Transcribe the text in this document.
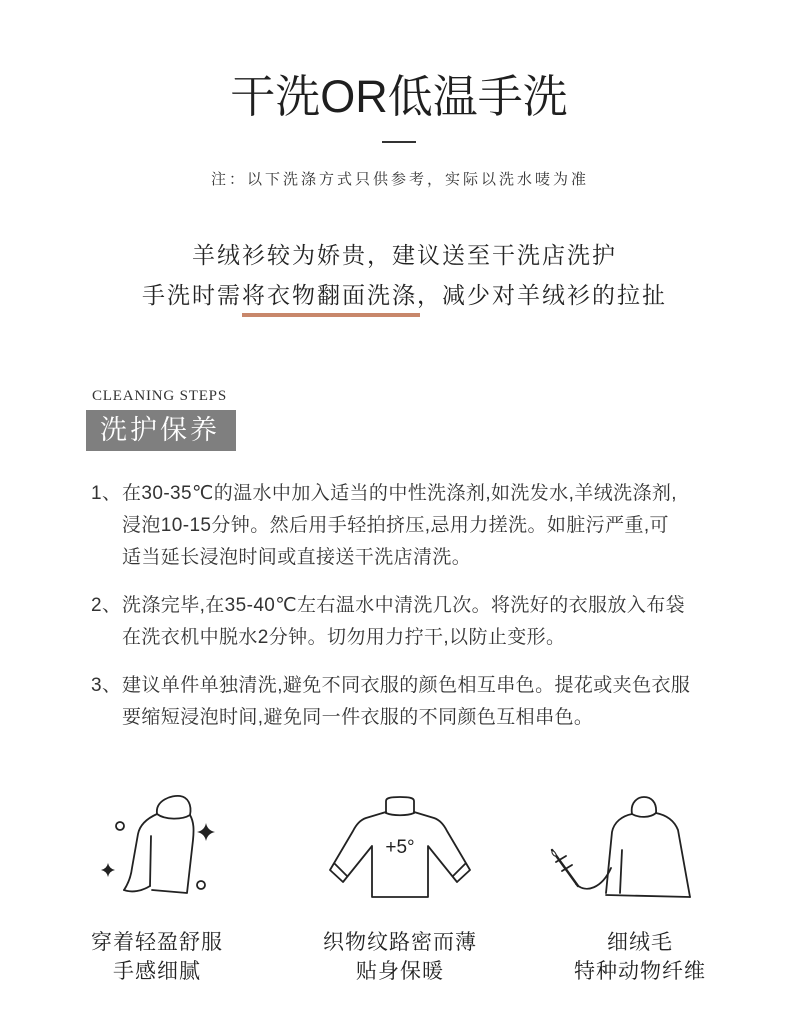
干洗OR低温手洗
注：以下洗涤方式只供参考，实际以洗水唛为准
羊绒衫较为娇贵，建议送至干洗店洗护
手洗时需将衣物翻面洗涤，减少对羊绒衫的拉扯
CLEANING STEPS
洗护保养
1、 在30-35℃的温水中加入适当的中性洗涤剂,如洗发水,羊绒洗涤剂,
浸泡10-15分钟。然后用手轻拍挤压,忌用力搓洗。如脏污严重,可
适当延长浸泡时间或直接送干洗店清洗。
2、 洗涤完毕,在35-40℃左右温水中清洗几次。将洗好的衣服放入布袋
在洗衣机中脱水2分钟。切勿用力拧干,以防止变形。
3、 建议单件单独清洗,避免不同衣服的颜色相互串色。提花或夹色衣服
要缩短浸泡时间,避免同一件衣服的不同颜色互相串色。
穿着轻盈舒服
手感细腻
+5°
织物纹路密而薄
贴身保暖
细绒毛
特种动物纤维
